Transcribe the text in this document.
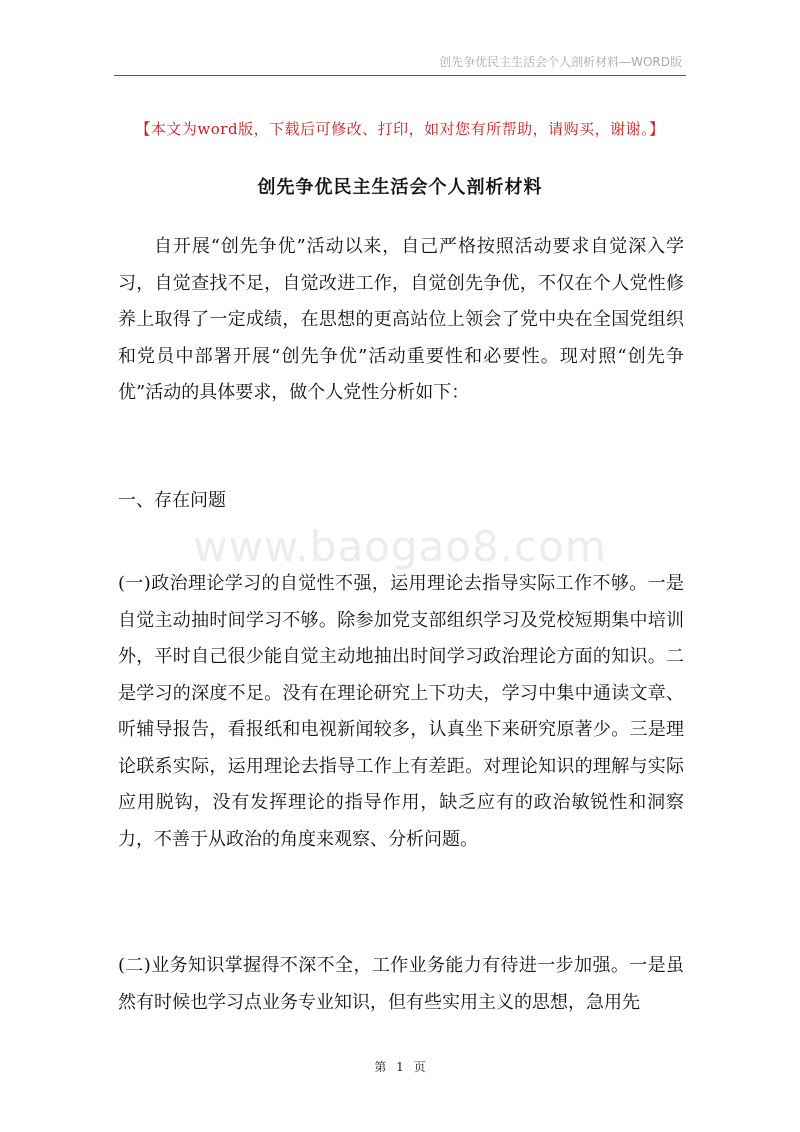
创先争优民主生活会个人剖析材料—WORD版
【本文为word版，下载后可修改、打印，如对您有所帮助，请购买，谢谢。】
创先争优民主生活会个人剖析材料
www.baogao8.com

自开展“创先争优”活动以来，自己严格按照活动要求自觉深入学习，自觉查找不足，自觉改进工作，自觉创先争优，不仅在个人党性修养上取得了一定成绩，在思想的更高站位上领会了党中央在全国党组织和党员中部署开展“创先争优”活动重要性和必要性。现对照“创先争优”活动的具体要求，做个人党性分析如下：

一、存在问题

(一)政治理论学习的自觉性不强，运用理论去指导实际工作不够。一是自觉主动抽时间学习不够。除参加党支部组织学习及党校短期集中培训外，平时自己很少能自觉主动地抽出时间学习政治理论方面的知识。二是学习的深度不足。没有在理论研究上下功夫，学习中集中通读文章、听辅导报告，看报纸和电视新闻较多，认真坐下来研究原著少。三是理论联系实际，运用理论去指导工作上有差距。对理论知识的理解与实际应用脱钩，没有发挥理论的指导作用，缺乏应有的政治敏锐性和洞察力，不善于从政治的角度来观察、分析问题。

(二)业务知识掌握得不深不全，工作业务能力有待进一步加强。一是虽然有时候也学习点业务专业知识，但有些实用主义的思想，急用先

第 1 页
